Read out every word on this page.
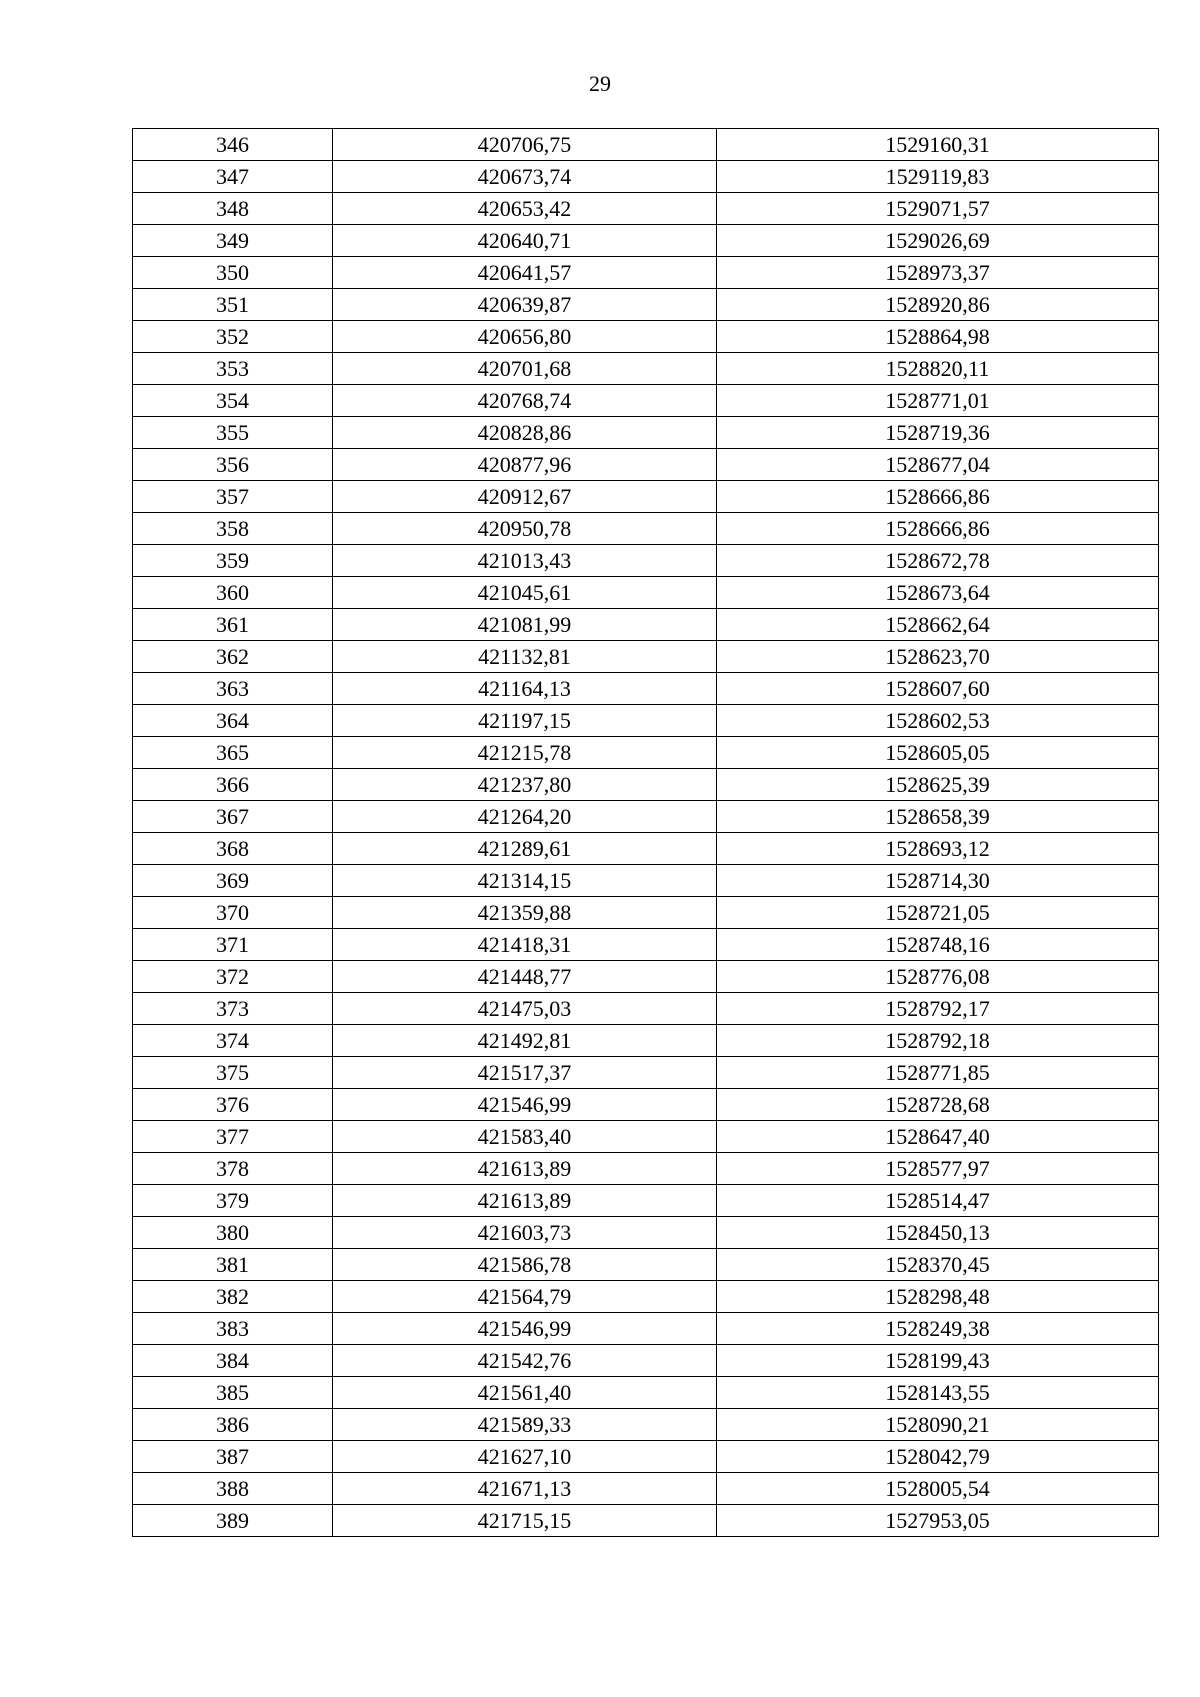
29
346	420706,75	1529160,31
347	420673,74	1529119,83
348	420653,42	1529071,57
349	420640,71	1529026,69
350	420641,57	1528973,37
351	420639,87	1528920,86
352	420656,80	1528864,98
353	420701,68	1528820,11
354	420768,74	1528771,01
355	420828,86	1528719,36
356	420877,96	1528677,04
357	420912,67	1528666,86
358	420950,78	1528666,86
359	421013,43	1528672,78
360	421045,61	1528673,64
361	421081,99	1528662,64
362	421132,81	1528623,70
363	421164,13	1528607,60
364	421197,15	1528602,53
365	421215,78	1528605,05
366	421237,80	1528625,39
367	421264,20	1528658,39
368	421289,61	1528693,12
369	421314,15	1528714,30
370	421359,88	1528721,05
371	421418,31	1528748,16
372	421448,77	1528776,08
373	421475,03	1528792,17
374	421492,81	1528792,18
375	421517,37	1528771,85
376	421546,99	1528728,68
377	421583,40	1528647,40
378	421613,89	1528577,97
379	421613,89	1528514,47
380	421603,73	1528450,13
381	421586,78	1528370,45
382	421564,79	1528298,48
383	421546,99	1528249,38
384	421542,76	1528199,43
385	421561,40	1528143,55
386	421589,33	1528090,21
387	421627,10	1528042,79
388	421671,13	1528005,54
389	421715,15	1527953,05
